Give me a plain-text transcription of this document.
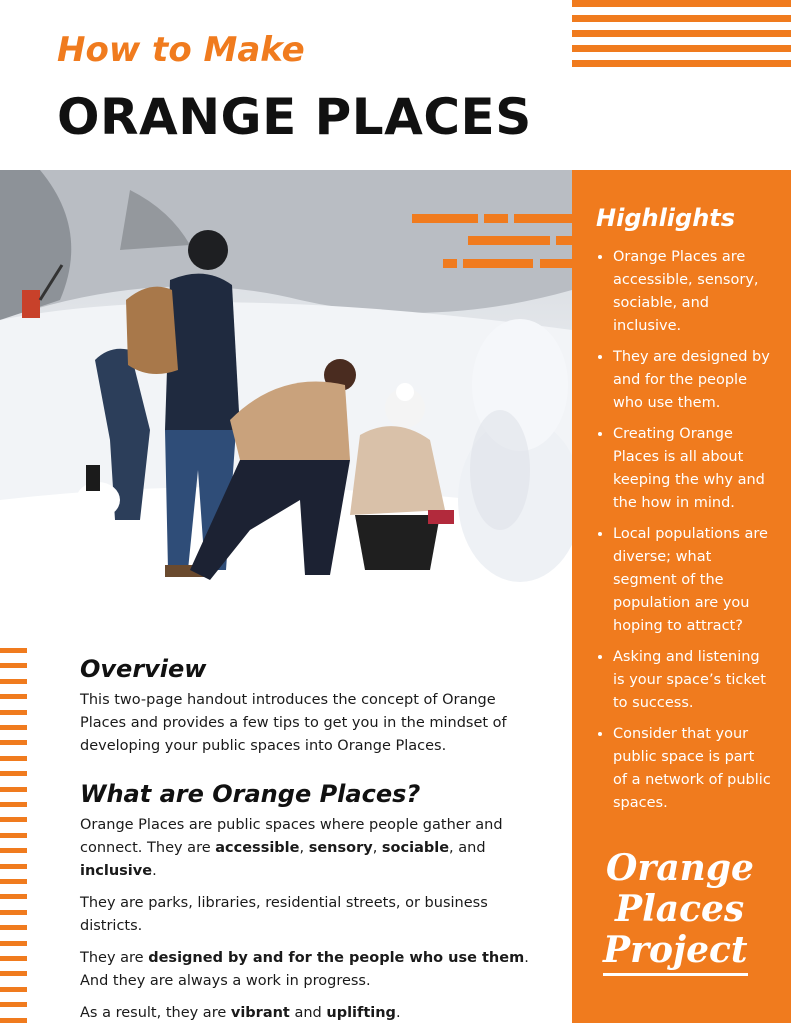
How to Make
ORANGE PLACES
Highlights
• Orange Places are accessible, sensory, sociable, and inclusive.
• They are designed by and for the people who use them.
• Creating Orange Places is all about keeping the why and the how in mind.
• Local populations are diverse; what segment of the population are you hoping to attract?
• Asking and listening is your space’s ticket to success.
• Consider that your public space is part of a network of public spaces.
Orange
Places
Project
Overview

This two-page handout introduces the concept of Orange Places and provides a few tips to get you in the mindset of developing your public spaces into Orange Places.

What are Orange Places?

Orange Places are public spaces where people gather and connect. They are accessible, sensory, sociable, and inclusive.

They are parks, libraries, residential streets, or business districts.

They are designed by and for the people who use them. And they are always a work in progress.

As a result, they are vibrant and uplifting.
